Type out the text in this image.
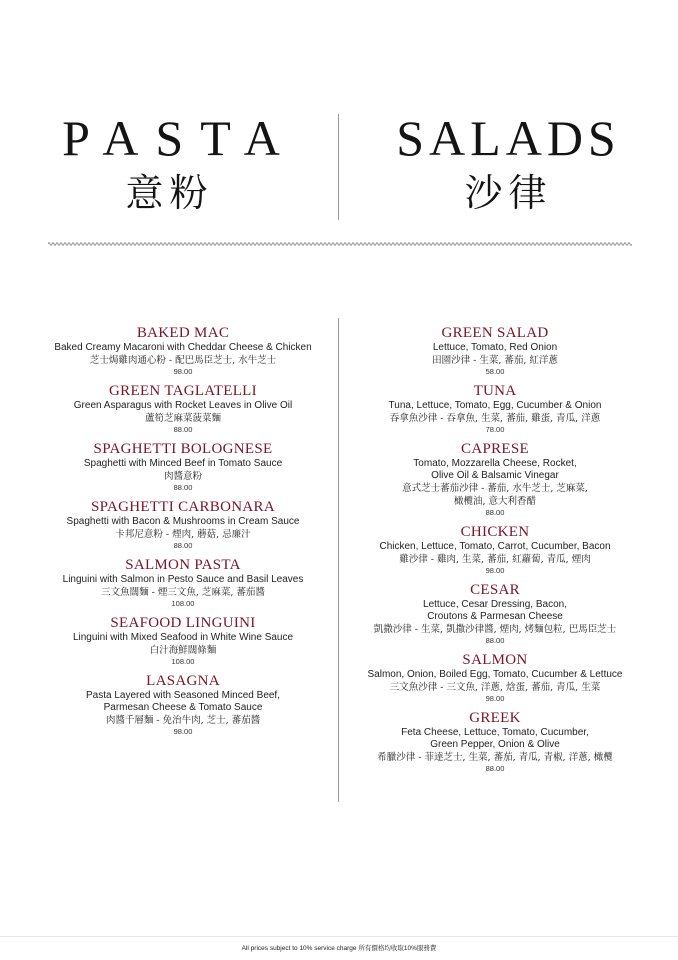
PASTA
意粉
SALADS
沙律
BAKED MAC
Baked Creamy Macaroni with Cheddar Cheese & Chicken
芝士焗雞肉通心粉 - 配巴馬臣芝士, 水牛芝士
98.00
GREEN TAGLATELLI
Green Asparagus with Rocket Leaves in Olive Oil
蘆筍芝麻菜菠菜麵
88.00
SPAGHETTI BOLOGNESE
Spaghetti with Minced Beef in Tomato Sauce
肉醬意粉
88.00
SPAGHETTI CARBONARA
Spaghetti with Bacon & Mushrooms in Cream Sauce
卡邦尼意粉 - 煙肉, 蘑菇, 忌廉汁
88.00
SALMON PASTA
Linguini with Salmon in Pesto Sauce and Basil Leaves
三文魚闊麵 - 煙三文魚, 芝麻菜, 蕃茄醬
108.00
SEAFOOD LINGUINI
Linguini with Mixed Seafood in White Wine Sauce
白汁海鮮闊條麵
108.00
LASAGNA
Pasta Layered with Seasoned Minced Beef,
Parmesan Cheese & Tomato Sauce
肉醬千層麵 - 免治牛肉, 芝士, 蕃茄醬
98.00
GREEN SALAD
Lettuce, Tomato, Red Onion
田園沙律 - 生菜, 蕃茄, 紅洋蔥
58.00
TUNA
Tuna, Lettuce, Tomato, Egg, Cucumber & Onion
吞拿魚沙律 - 吞拿魚, 生菜, 蕃茄, 雞蛋, 青瓜, 洋蔥
78.00
CAPRESE
Tomato, Mozzarella Cheese, Rocket,
Olive Oil & Balsamic Vinegar
意式芝士蕃茄沙律 - 蕃茄, 水牛芝士, 芝麻菜,
橄欖油, 意大利香醋
88.00
CHICKEN
Chicken, Lettuce, Tomato, Carrot, Cucumber, Bacon
雞沙律 - 雞肉, 生菜, 蕃茄, 紅蘿蔔, 青瓜, 煙肉
98.00
CESAR
Lettuce, Cesar Dressing, Bacon,
Croutons & Parmesan Cheese
凱撒沙律 - 生菜, 凱撒沙律醬, 煙肉, 烤麵包粒, 巴馬臣芝士
88.00
SALMON
Salmon, Onion, Boiled Egg, Tomato, Cucumber & Lettuce
三文魚沙律 - 三文魚, 洋蔥, 焓蛋, 蕃茄, 青瓜, 生菜
98.00
GREEK
Feta Cheese, Lettuce, Tomato, Cucumber,
Green Pepper, Onion & Olive
希臘沙律 - 菲達芝士, 生菜, 蕃茄, 青瓜, 青椒, 洋蔥, 橄欖
88.00
All prices subject to 10% service charge 所有價格均收取10%服務費
